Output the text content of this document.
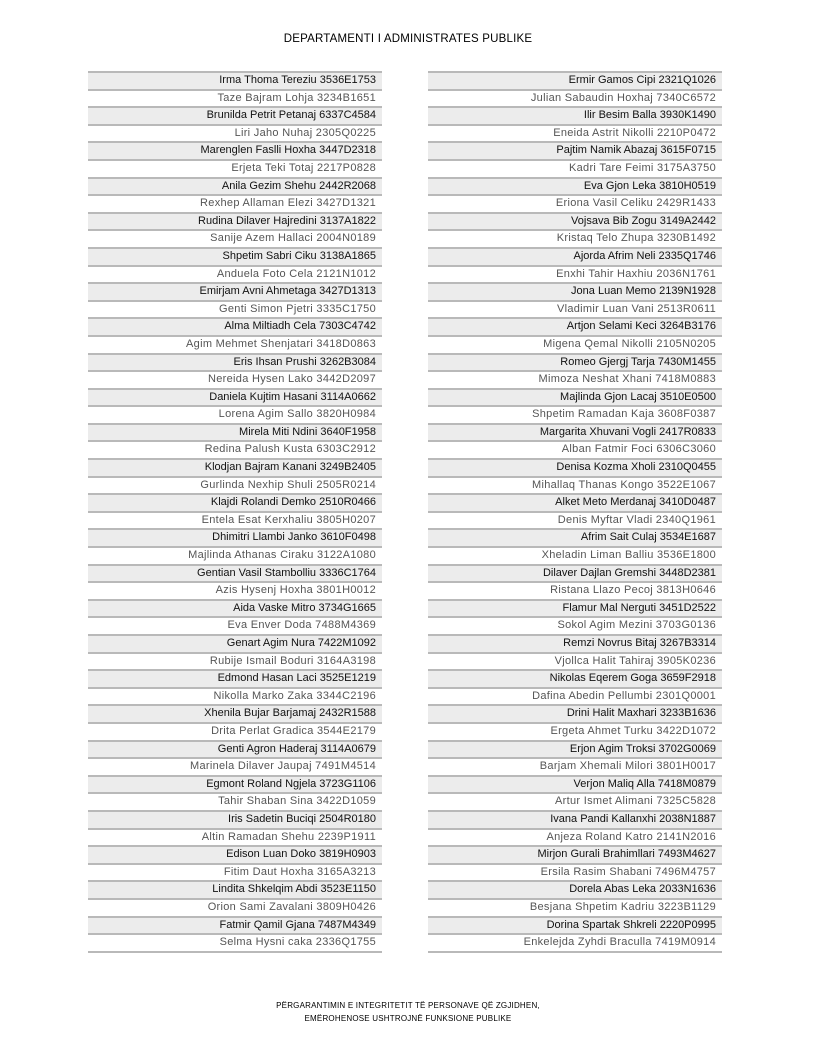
DEPARTAMENTI I ADMINISTRATES PUBLIKE
Irma Thoma Tereziu 3536E1753
Taze Bajram Lohja 3234B1651
Brunilda Petrit Petanaj 6337C4584
Liri Jaho Nuhaj 2305Q0225
Marenglen Faslli Hoxha 3447D2318
Erjeta Teki Totaj 2217P0828
Anila Gezim Shehu 2442R2068
Rexhep Allaman Elezi 3427D1321
Rudina Dilaver Hajredini 3137A1822
Sanije Azem Hallaci 2004N0189
Shpetim Sabri Ciku 3138A1865
Anduela Foto Cela 2121N1012
Emirjam Avni Ahmetaga 3427D1313
Genti Simon Pjetri 3335C1750
Alma Miltiadh Cela 7303C4742
Agim Mehmet Shenjatari 3418D0863
Eris Ihsan Prushi 3262B3084
Nereida Hysen Lako 3442D2097
Daniela Kujtim Hasani 3114A0662
Lorena Agim Sallo 3820H0984
Mirela Miti Ndini 3640F1958
Redina Palush Kusta 6303C2912
Klodjan Bajram Kanani 3249B2405
Gurlinda Nexhip Shuli 2505R0214
Klajdi Rolandi Demko 2510R0466
Entela Esat Kerxhaliu 3805H0207
Dhimitri Llambi Janko 3610F0498
Majlinda Athanas Ciraku 3122A1080
Gentian Vasil Stambolliu 3336C1764
Azis Hysenj Hoxha 3801H0012
Aida Vaske Mitro 3734G1665
Eva Enver Doda 7488M4369
Genart Agim Nura 7422M1092
Rubije Ismail Boduri 3164A3198
Edmond Hasan Laci 3525E1219
Nikolla Marko Zaka 3344C2196
Xhenila Bujar Barjamaj 2432R1588
Drita Perlat Gradica 3544E2179
Genti Agron Haderaj 3114A0679
Marinela Dilaver Jaupaj 7491M4514
Egmont Roland Ngjela 3723G1106
Tahir Shaban Sina 3422D1059
Iris Sadetin Buciqi 2504R0180
Altin Ramadan Shehu 2239P1911
Edison Luan Doko 3819H0903
Fitim Daut Hoxha 3165A3213
Lindita Shkelqim Abdi 3523E1150
Orion Sami Zavalani 3809H0426
Fatmir Qamil Gjana 7487M4349
Selma Hysni caka 2336Q1755
Ermir Gamos Cipi 2321Q1026
Julian Sabaudin Hoxhaj 7340C6572
Ilir Besim Balla 3930K1490
Eneida Astrit Nikolli 2210P0472
Pajtim Namik Abazaj 3615F0715
Kadri Tare Feimi 3175A3750
Eva Gjon Leka 3810H0519
Eriona Vasil Celiku 2429R1433
Vojsava Bib Zogu 3149A2442
Kristaq Telo Zhupa 3230B1492
Ajorda Afrim Neli 2335Q1746
Enxhi Tahir Haxhiu 2036N1761
Jona Luan Memo 2139N1928
Vladimir Luan Vani 2513R0611
Artjon Selami Keci 3264B3176
Migena Qemal Nikolli 2105N0205
Romeo Gjergj Tarja 7430M1455
Mimoza Neshat Xhani 7418M0883
Majlinda Gjon Lacaj 3510E0500
Shpetim Ramadan Kaja 3608F0387
Margarita Xhuvani Vogli 2417R0833
Alban Fatmir Foci 6306C3060
Denisa Kozma Xholi 2310Q0455
Mihallaq Thanas Kongo 3522E1067
Alket Meto Merdanaj 3410D0487
Denis Myftar Vladi 2340Q1961
Afrim Sait Culaj 3534E1687
Xheladin Liman Balliu 3536E1800
Dilaver Dajlan Gremshi 3448D2381
Ristana Llazo Pecoj 3813H0646
Flamur Mal Nerguti 3451D2522
Sokol Agim Mezini 3703G0136
Remzi Novrus Bitaj 3267B3314
Vjollca Halit Tahiraj 3905K0236
Nikolas Eqerem Goga 3659F2918
Dafina Abedin Pellumbi 2301Q0001
Drini Halit Maxhari 3233B1636
Ergeta Ahmet Turku 3422D1072
Erjon Agim Troksi 3702G0069
Barjam Xhemali Milori 3801H0017
Verjon Maliq Alla 7418M0879
Artur Ismet Alimani 7325C5828
Ivana Pandi Kallanxhi 2038N1887
Anjeza Roland Katro 2141N2016
Mirjon Gurali Brahimllari 7493M4627
Ersila Rasim Shabani 7496M4757
Dorela Abas Leka 2033N1636
Besjana Shpetim Kadriu 3223B1129
Dorina Spartak Shkreli 2220P0995
Enkelejda Zyhdi Braculla 7419M0914
PËRGARANTIMIN E INTEGRITETIT TË PERSONAVE QË ZGJIDHEN,
EMËROHENOSE USHTROJNË FUNKSIONE PUBLIKE
